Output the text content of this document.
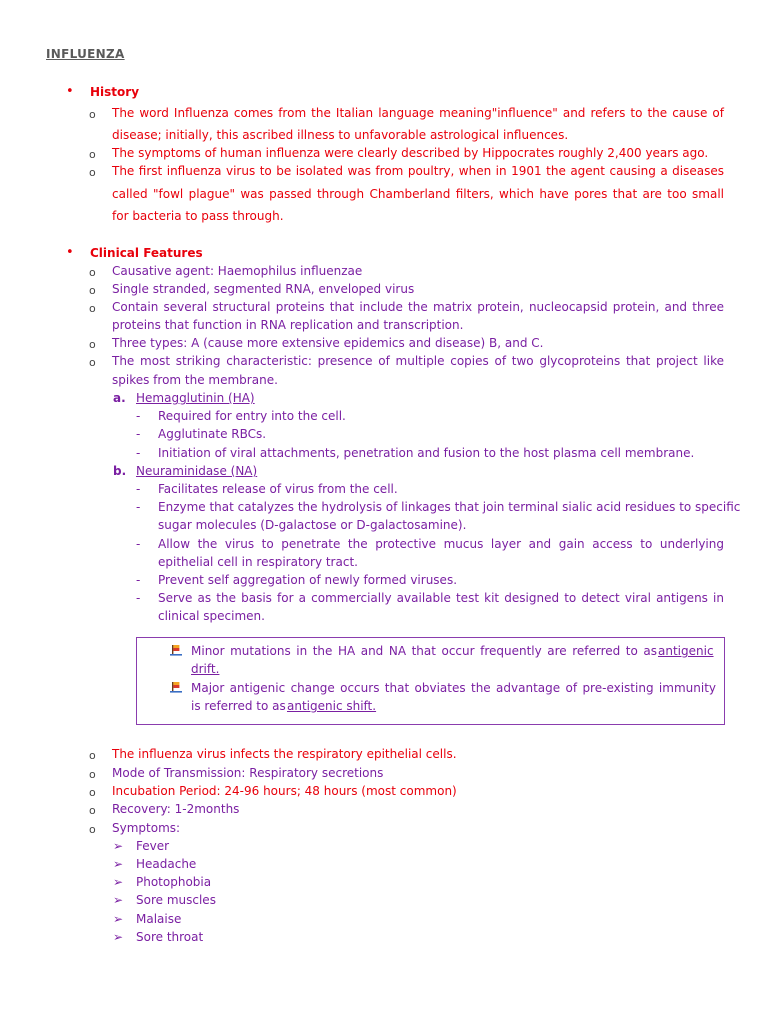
INFLUENZA
• History
o The word Influenza comes from the Italian language meaning"influence" and refers to the cause of
disease; initially, this ascribed illness to unfavorable astrological influences.
o The symptoms of human influenza were clearly described by Hippocrates roughly 2,400 years ago.
o The first influenza virus to be isolated was from poultry, when in 1901 the agent causing a diseases
called "fowl plague" was passed through Chamberland filters, which have pores that are too small
for bacteria to pass through.
• Clinical Features
o Causative agent: Haemophilus influenzae
o Single stranded, segmented RNA, enveloped virus
o Contain several structural proteins that include the matrix protein, nucleocapsid protein, and three
proteins that function in RNA replication and transcription.
o Three types: A (cause more extensive epidemics and disease) B, and C.
o The most striking characteristic: presence of multiple copies of two glycoproteins that project like
spikes from the membrane.
a. Hemagglutinin (HA)
- Required for entry into the cell.
- Agglutinate RBCs.
- Initiation of viral attachments, penetration and fusion to the host plasma cell membrane.
b. Neuraminidase (NA)
- Facilitates release of virus from the cell.
- Enzyme that catalyzes the hydrolysis of linkages that join terminal sialic acid residues to specific
sugar molecules (D-galactose or D-galactosamine).
- Allow the virus to penetrate the protective mucus layer and gain access to underlying
epithelial cell in respiratory tract.
- Prevent self aggregation of newly formed viruses.
- Serve as the basis for a commercially available test kit designed to detect viral antigens in
clinical specimen.
Minor mutations in the HA and NA that occur frequently are referred to as antigenic
drift.
Major antigenic change occurs that obviates the advantage of pre-existing immunity
is referred to as antigenic shift.
o The influenza virus infects the respiratory epithelial cells.
o Mode of Transmission: Respiratory secretions
o Incubation Period: 24-96 hours; 48 hours (most common)
o Recovery: 1-2months
o Symptoms:
➢ Fever
➢ Headache
➢ Photophobia
➢ Sore muscles
➢ Malaise
➢ Sore throat
